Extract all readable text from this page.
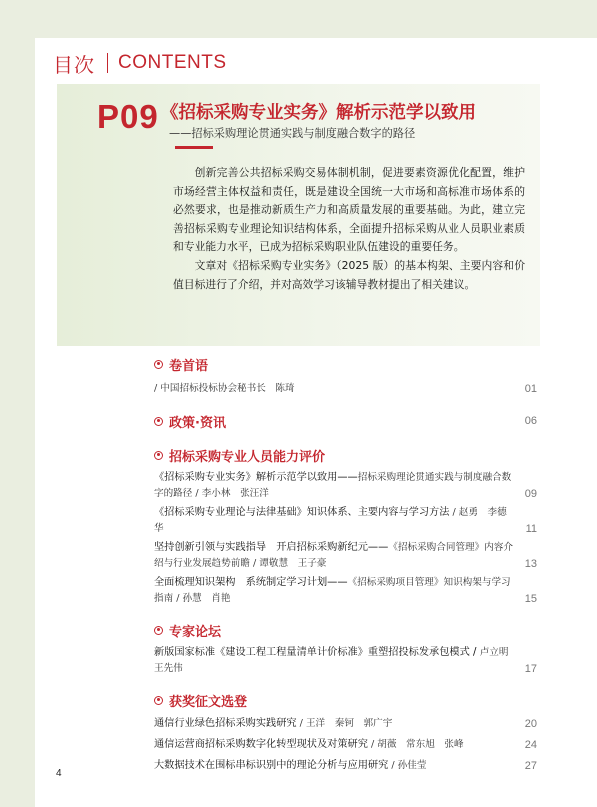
目次 CONTENTS
P09 《招标采购专业实务》解析示范学以致用
——招标采购理论贯通实践与制度融合数字的路径

创新完善公共招标采购交易体制机制，促进要素资源优化配置，维护市场经营主体权益和责任，既是建设全国统一大市场和高标准市场体系的必然要求，也是推动新质生产力和高质量发展的重要基础。为此，建立完善招标采购专业理论知识结构体系，全面提升招标采购从业人员职业素质和专业能力水平，已成为招标采购职业队伍建设的重要任务。

文章对《招标采购专业实务》（2025 版）的基本构架、主要内容和价值目标进行了介绍，并对高效学习该辅导教材提出了相关建议。

卷首语
/ 中国招标投标协会秘书长　陈琦	01
政策·资讯	06
招标采购专业人员能力评价
《招标采购专业实务》解析示范学以致用——招标采购理论贯通实践与制度融合数字的路径 / 李小林　张汪洋	09
《招标采购专业理论与法律基础》知识体系、主要内容与学习方法 / 赵勇　李德华	11
坚持创新引领与实践指导　开启招标采购新纪元——《招标采购合同管理》内容介绍与行业发展趋势前瞻 / 谭敬慧　王子豪	13
全面梳理知识架构　系统制定学习计划——《招标采购项目管理》知识构架与学习指南 / 孙慧　肖艳	15
专家论坛
新版国家标准《建设工程工程量清单计价标准》重塑招投标发承包模式 / 卢立明　王先伟	17
获奖征文选登
通信行业绿色招标采购实践研究 / 王洋　秦钶　郭广宇	20
通信运营商招标采购数字化转型现状及对策研究 / 胡薇　常东旭　张峰	24
大数据技术在围标串标识别中的理论分析与应用研究 / 孙佳莹	27
4
